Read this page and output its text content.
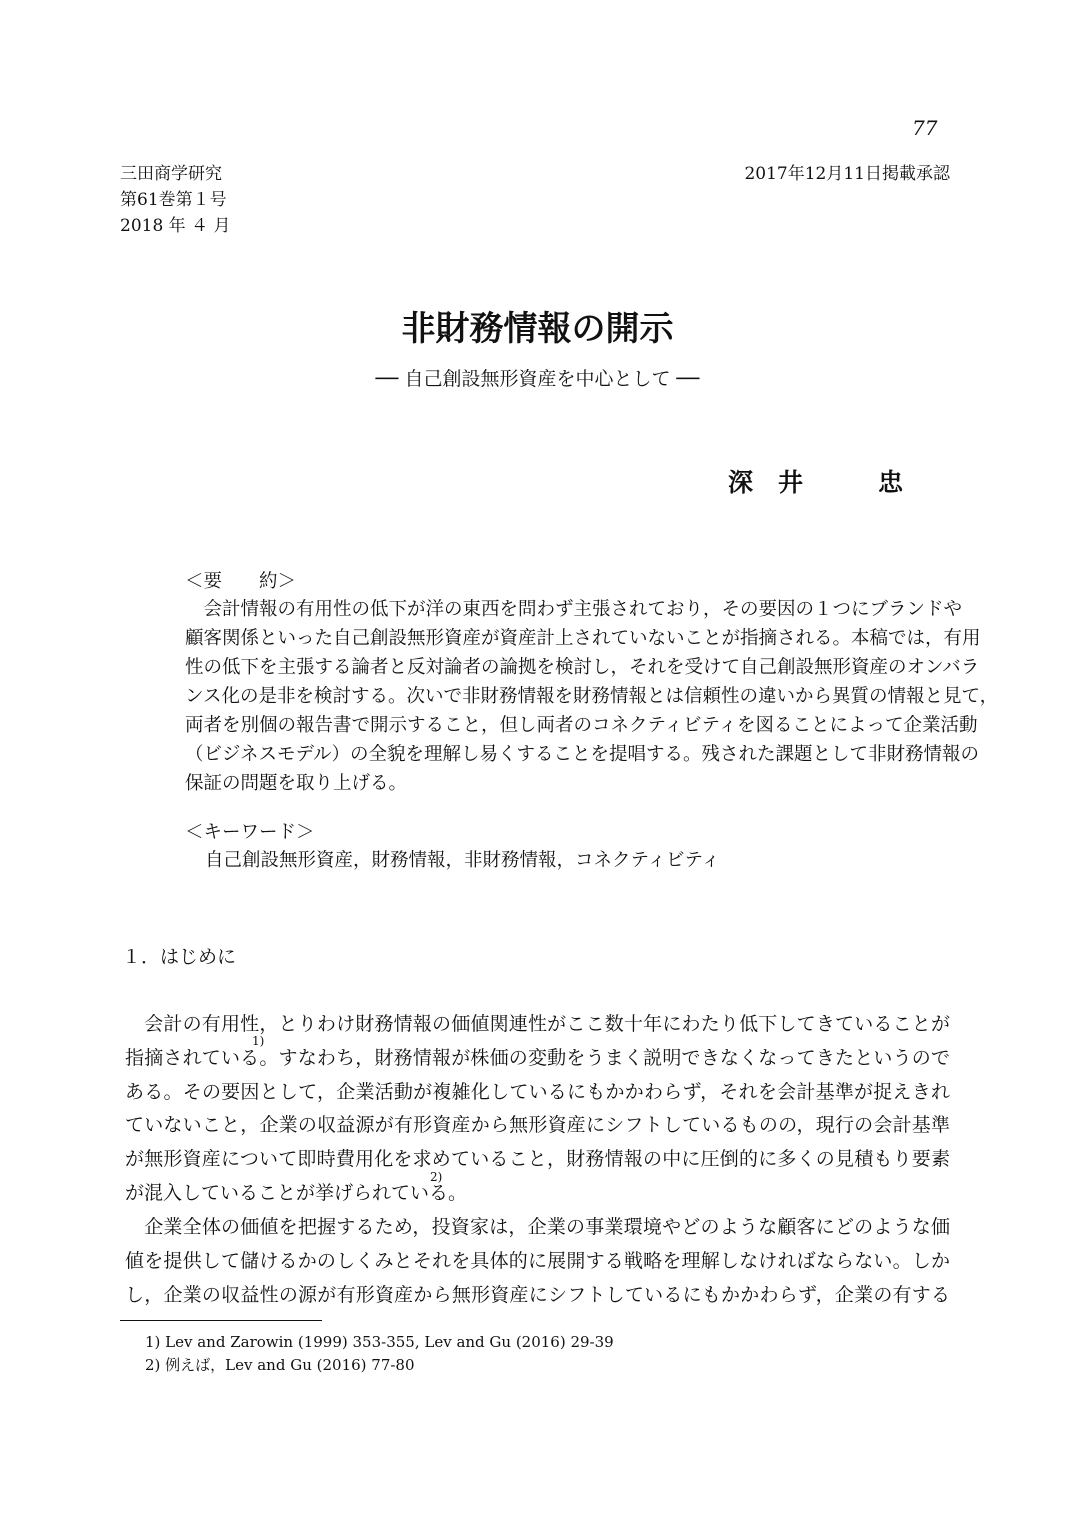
77
三田商学研究
第61巻第１号
2018 年 ４ 月
2017年12月11日掲載承認
非財務情報の開示
── 自己創設無形資産を中心として ──
深　井　　　忠
＜要　　約＞
　会計情報の有用性の低下が洋の東西を問わず主張されており，その要因の１つにブランドや
顧客関係といった自己創設無形資産が資産計上されていないことが指摘される。本稿では，有用
性の低下を主張する論者と反対論者の論拠を検討し，それを受けて自己創設無形資産のオンバラ
ンス化の是非を検討する。次いで非財務情報を財務情報とは信頼性の違いから異質の情報と見て，
両者を別個の報告書で開示すること，但し両者のコネクティビティを図ることによって企業活動
（ビジネスモデル）の全貌を理解し易くすることを提唱する。残された課題として非財務情報の
保証の問題を取り上げる。
＜キーワード＞
自己創設無形資産，財務情報，非財務情報，コネクティビティ
１．はじめに
　会計の有用性，とりわけ財務情報の価値関連性がここ数十年にわたり低下してきていることが
1)
指摘されている。すなわち，財務情報が株価の変動をうまく説明できなくなってきたというので
ある。その要因として，企業活動が複雑化しているにもかかわらず，それを会計基準が捉えきれ
ていないこと，企業の収益源が有形資産から無形資産にシフトしているものの，現行の会計基準
が無形資産について即時費用化を求めていること，財務情報の中に圧倒的に多くの見積もり要素
2)
が混入していることが挙げられている。
　企業全体の価値を把握するため，投資家は，企業の事業環境やどのような顧客にどのような価
値を提供して儲けるかのしくみとそれを具体的に展開する戦略を理解しなければならない。しか
し，企業の収益性の源が有形資産から無形資産にシフトしているにもかかわらず，企業の有する
1) Lev and Zarowin (1999) 353-355, Lev and Gu (2016) 29-39
2) 例えば，Lev and Gu (2016) 77-80
